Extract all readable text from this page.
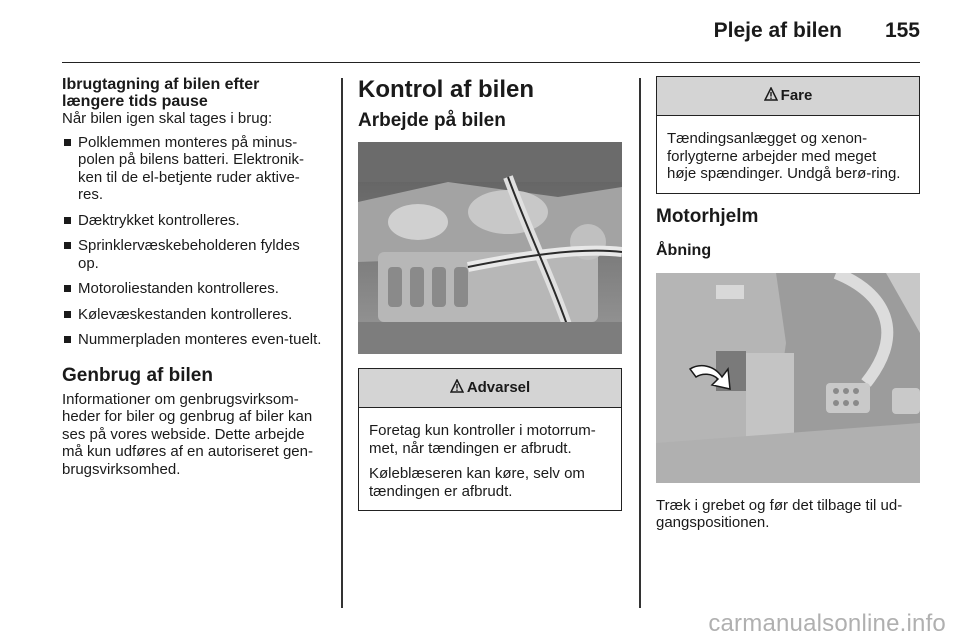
Pleje af bilen 155
Ibrugtagning af bilen efter
længere tids pause
Når bilen igen skal tages i brug:
Polklemmen monteres på minus-polen på bilens batteri. Elektronik-ken til de el-betjente ruder aktive-res.
Dæktrykket kontrolleres.
Sprinklervæskebeholderen fyldes op.
Motoroliestanden kontrolleres.
Kølevæskestanden kontrolleres.
Nummerpladen monteres even-tuelt.
Genbrug af bilen
Informationer om genbrugsvirksom-heder for biler og genbrug af biler kan ses på vores webside. Dette arbejde må kun udføres af en autoriseret gen-brugsvirksomhed.
Kontrol af bilen
Arbejde på bilen
Advarsel
Foretag kun kontroller i motorrum-met, når tændingen er afbrudt.
Køleblæseren kan køre, selv om tændingen er afbrudt.
Fare
Tændingsanlægget og xenon-forlygterne arbejder med meget høje spændinger. Undgå berø-ring.
Motorhjelm
Åbning
Træk i grebet og før det tilbage til ud-gangspositionen.
carmanualsonline.info
